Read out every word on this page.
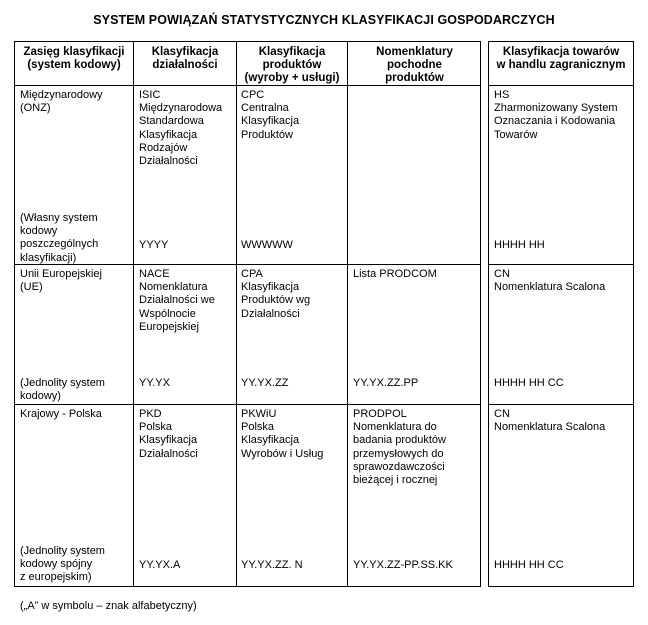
SYSTEM POWIĄZAŃ STATYSTYCZNYCH KLASYFIKACJI GOSPODARCZYCH
Zasięg klasyfikacji
(system kodowy)
Klasyfikacja
działalności
Klasyfikacja
produktów
(wyroby + usługi)
Nomenklatury
pochodne
produktów
Klasyfikacja towarów
w handlu zagranicznym
Międzynarodowy
(ONZ)
(Własny system
kodowy
poszczególnych
klasyfikacji)
ISIC
Międzynarodowa
Standardowa
Klasyfikacja
Rodzajów
Działalności
YYYY
CPC
Centralna
Klasyfikacja
Produktów
WWWWW
HS
Zharmonizowany System
Oznaczania i Kodowania
Towarów
HHHH HH
Unii Europejskiej
(UE)
(Jednolity system
kodowy)
NACE
Nomenklatura
Działalności we
Wspólnocie
Europejskiej
YY.YX
CPA
Klasyfikacja
Produktów wg
Działalności
YY.YX.ZZ
Lista PRODCOM
YY.YX.ZZ.PP
CN
Nomenklatura Scalona
HHHH HH CC
Krajowy - Polska
(Jednolity system
kodowy spójny
z europejskim)
PKD
Polska
Klasyfikacja
Działalności
YY.YX.A
PKWiU
Polska
Klasyfikacja
Wyrobów i Usług
YY.YX.ZZ. N
PRODPOL
Nomenklatura do
badania produktów
przemysłowych do
sprawozdawczości
bieżącej i rocznej
YY.YX.ZZ-PP.SS.KK
CN
Nomenklatura Scalona
HHHH HH CC
(„A” w symbolu – znak alfabetyczny)
